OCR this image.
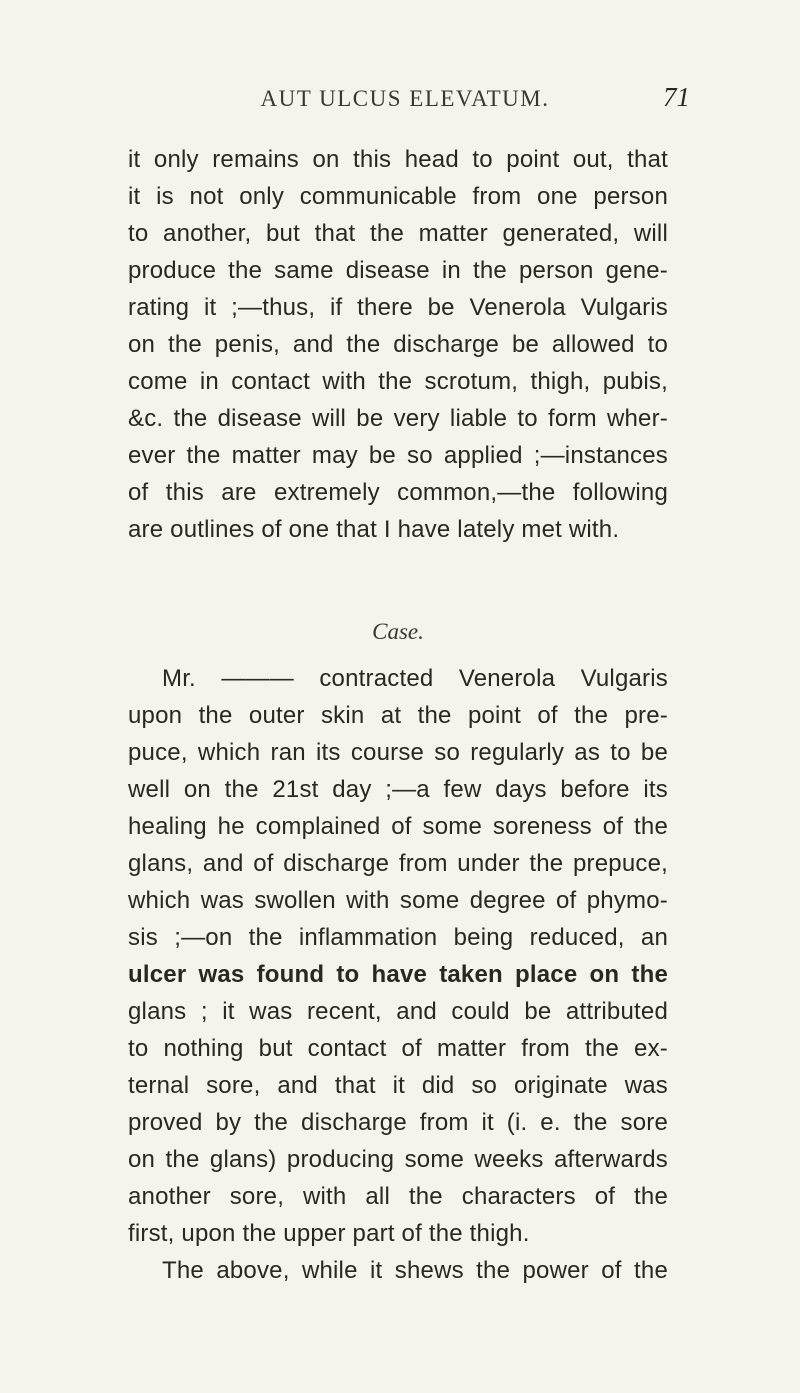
AUT ULCUS ELEVATUM.	71
it only remains on this head to point out, that
it is not only communicable from one person
to another, but that the matter generated, will
produce the same disease in the person gene-
rating it ;—thus, if there be Venerola Vulgaris
on the penis, and the discharge be allowed to
come in contact with the scrotum, thigh, pubis,
&c. the disease will be very liable to form wher-
ever the matter may be so applied ;—instances
of this are extremely common,—the following
are outlines of one that I have lately met with.
Case.
Mr. ——— contracted Venerola Vulgaris
upon the outer skin at the point of the pre-
puce, which ran its course so regularly as to be
well on the 21st day ;—a few days before its
healing he complained of some soreness of the
glans, and of discharge from under the prepuce,
which was swollen with some degree of phymo-
sis ;—on the inflammation being reduced, an
ulcer was found to have taken place on the
glans ; it was recent, and could be attributed
to nothing but contact of matter from the ex-
ternal sore, and that it did so originate was
proved by the discharge from it (i. e. the sore
on the glans) producing some weeks afterwards
another sore, with all the characters of the
first, upon the upper part of the thigh.
The above, while it shews the power of the
